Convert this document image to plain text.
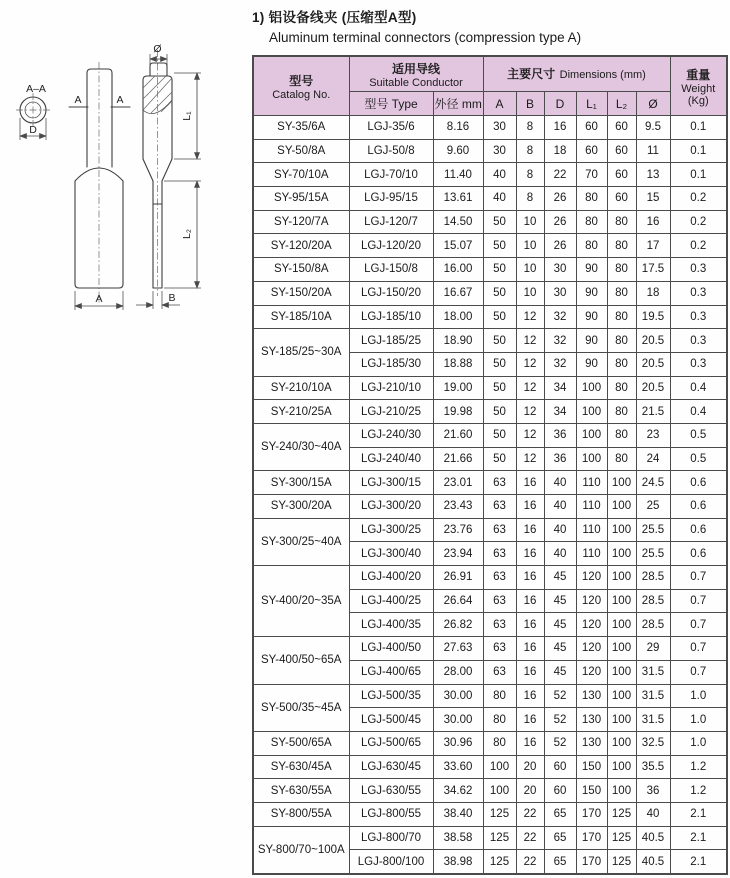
1) 铝设备线夹 (压缩型A型)
Aluminum terminal connectors (compression type A)
A–A
D
A	A
A
Ø
L₁
L₂
B
型号
Catalog No.

适用导线
Suitable Conductor
	主要尺寸 Dimensions (mm)	重量
Weight
(Kg)

	型号 Type	外径 mm	A	B	D	L₁	L₂	Ø	
SY-35/6A	LGJ-35/6	8.16	30	8	16	60	60	9.5	0.1
SY-50/8A	LGJ-50/8	9.60	30	8	18	60	60	11	0.1
SY-70/10A	LGJ-70/10	11.40	40	8	22	70	60	13	0.1
SY-95/15A	LGJ-95/15	13.61	40	8	26	80	60	15	0.2
SY-120/7A	LGJ-120/7	14.50	50	10	26	80	80	16	0.2
SY-120/20A	LGJ-120/20	15.07	50	10	26	80	80	17	0.2
SY-150/8A	LGJ-150/8	16.00	50	10	30	90	80	17.5	0.3
SY-150/20A	LGJ-150/20	16.67	50	10	30	90	80	18	0.3
SY-185/10A	LGJ-185/10	18.00	50	12	32	90	80	19.5	0.3
SY-185/25~30A	LGJ-185/25	18.90	50	12	32	90	80	20.5	0.3
	LGJ-185/30	18.88	50	12	32	90	80	20.5	0.3
SY-210/10A	LGJ-210/10	19.00	50	12	34	100	80	20.5	0.4
SY-210/25A	LGJ-210/25	19.98	50	12	34	100	80	21.5	0.4
SY-240/30~40A	LGJ-240/30	21.60	50	12	36	100	80	23	0.5
	LGJ-240/40	21.66	50	12	36	100	80	24	0.5
SY-300/15A	LGJ-300/15	23.01	63	16	40	110	100	24.5	0.6
SY-300/20A	LGJ-300/20	23.43	63	16	40	110	100	25	0.6
SY-300/25~40A	LGJ-300/25	23.76	63	16	40	110	100	25.5	0.6
	LGJ-300/40	23.94	63	16	40	110	100	25.5	0.6
SY-400/20~35A	LGJ-400/20	26.91	63	16	45	120	100	28.5	0.7
	LGJ-400/25	26.64	63	16	45	120	100	28.5	0.7
	LGJ-400/35	26.82	63	16	45	120	100	28.5	0.7
SY-400/50~65A	LGJ-400/50	27.63	63	16	45	120	100	29	0.7
	LGJ-400/65	28.00	63	16	45	120	100	31.5	0.7
SY-500/35~45A	LGJ-500/35	30.00	80	16	52	130	100	31.5	1.0
	LGJ-500/45	30.00	80	16	52	130	100	31.5	1.0
SY-500/65A	LGJ-500/65	30.96	80	16	52	130	100	32.5	1.0
SY-630/45A	LGJ-630/45	33.60	100	20	60	150	100	35.5	1.2
SY-630/55A	LGJ-630/55	34.62	100	20	60	150	100	36	1.2
SY-800/55A	LGJ-800/55	38.40	125	22	65	170	125	40	2.1
SY-800/70~100A	LGJ-800/70	38.58	125	22	65	170	125	40.5	2.1
	LGJ-800/100	38.98	125	22	65	170	125	40.5	2.1
